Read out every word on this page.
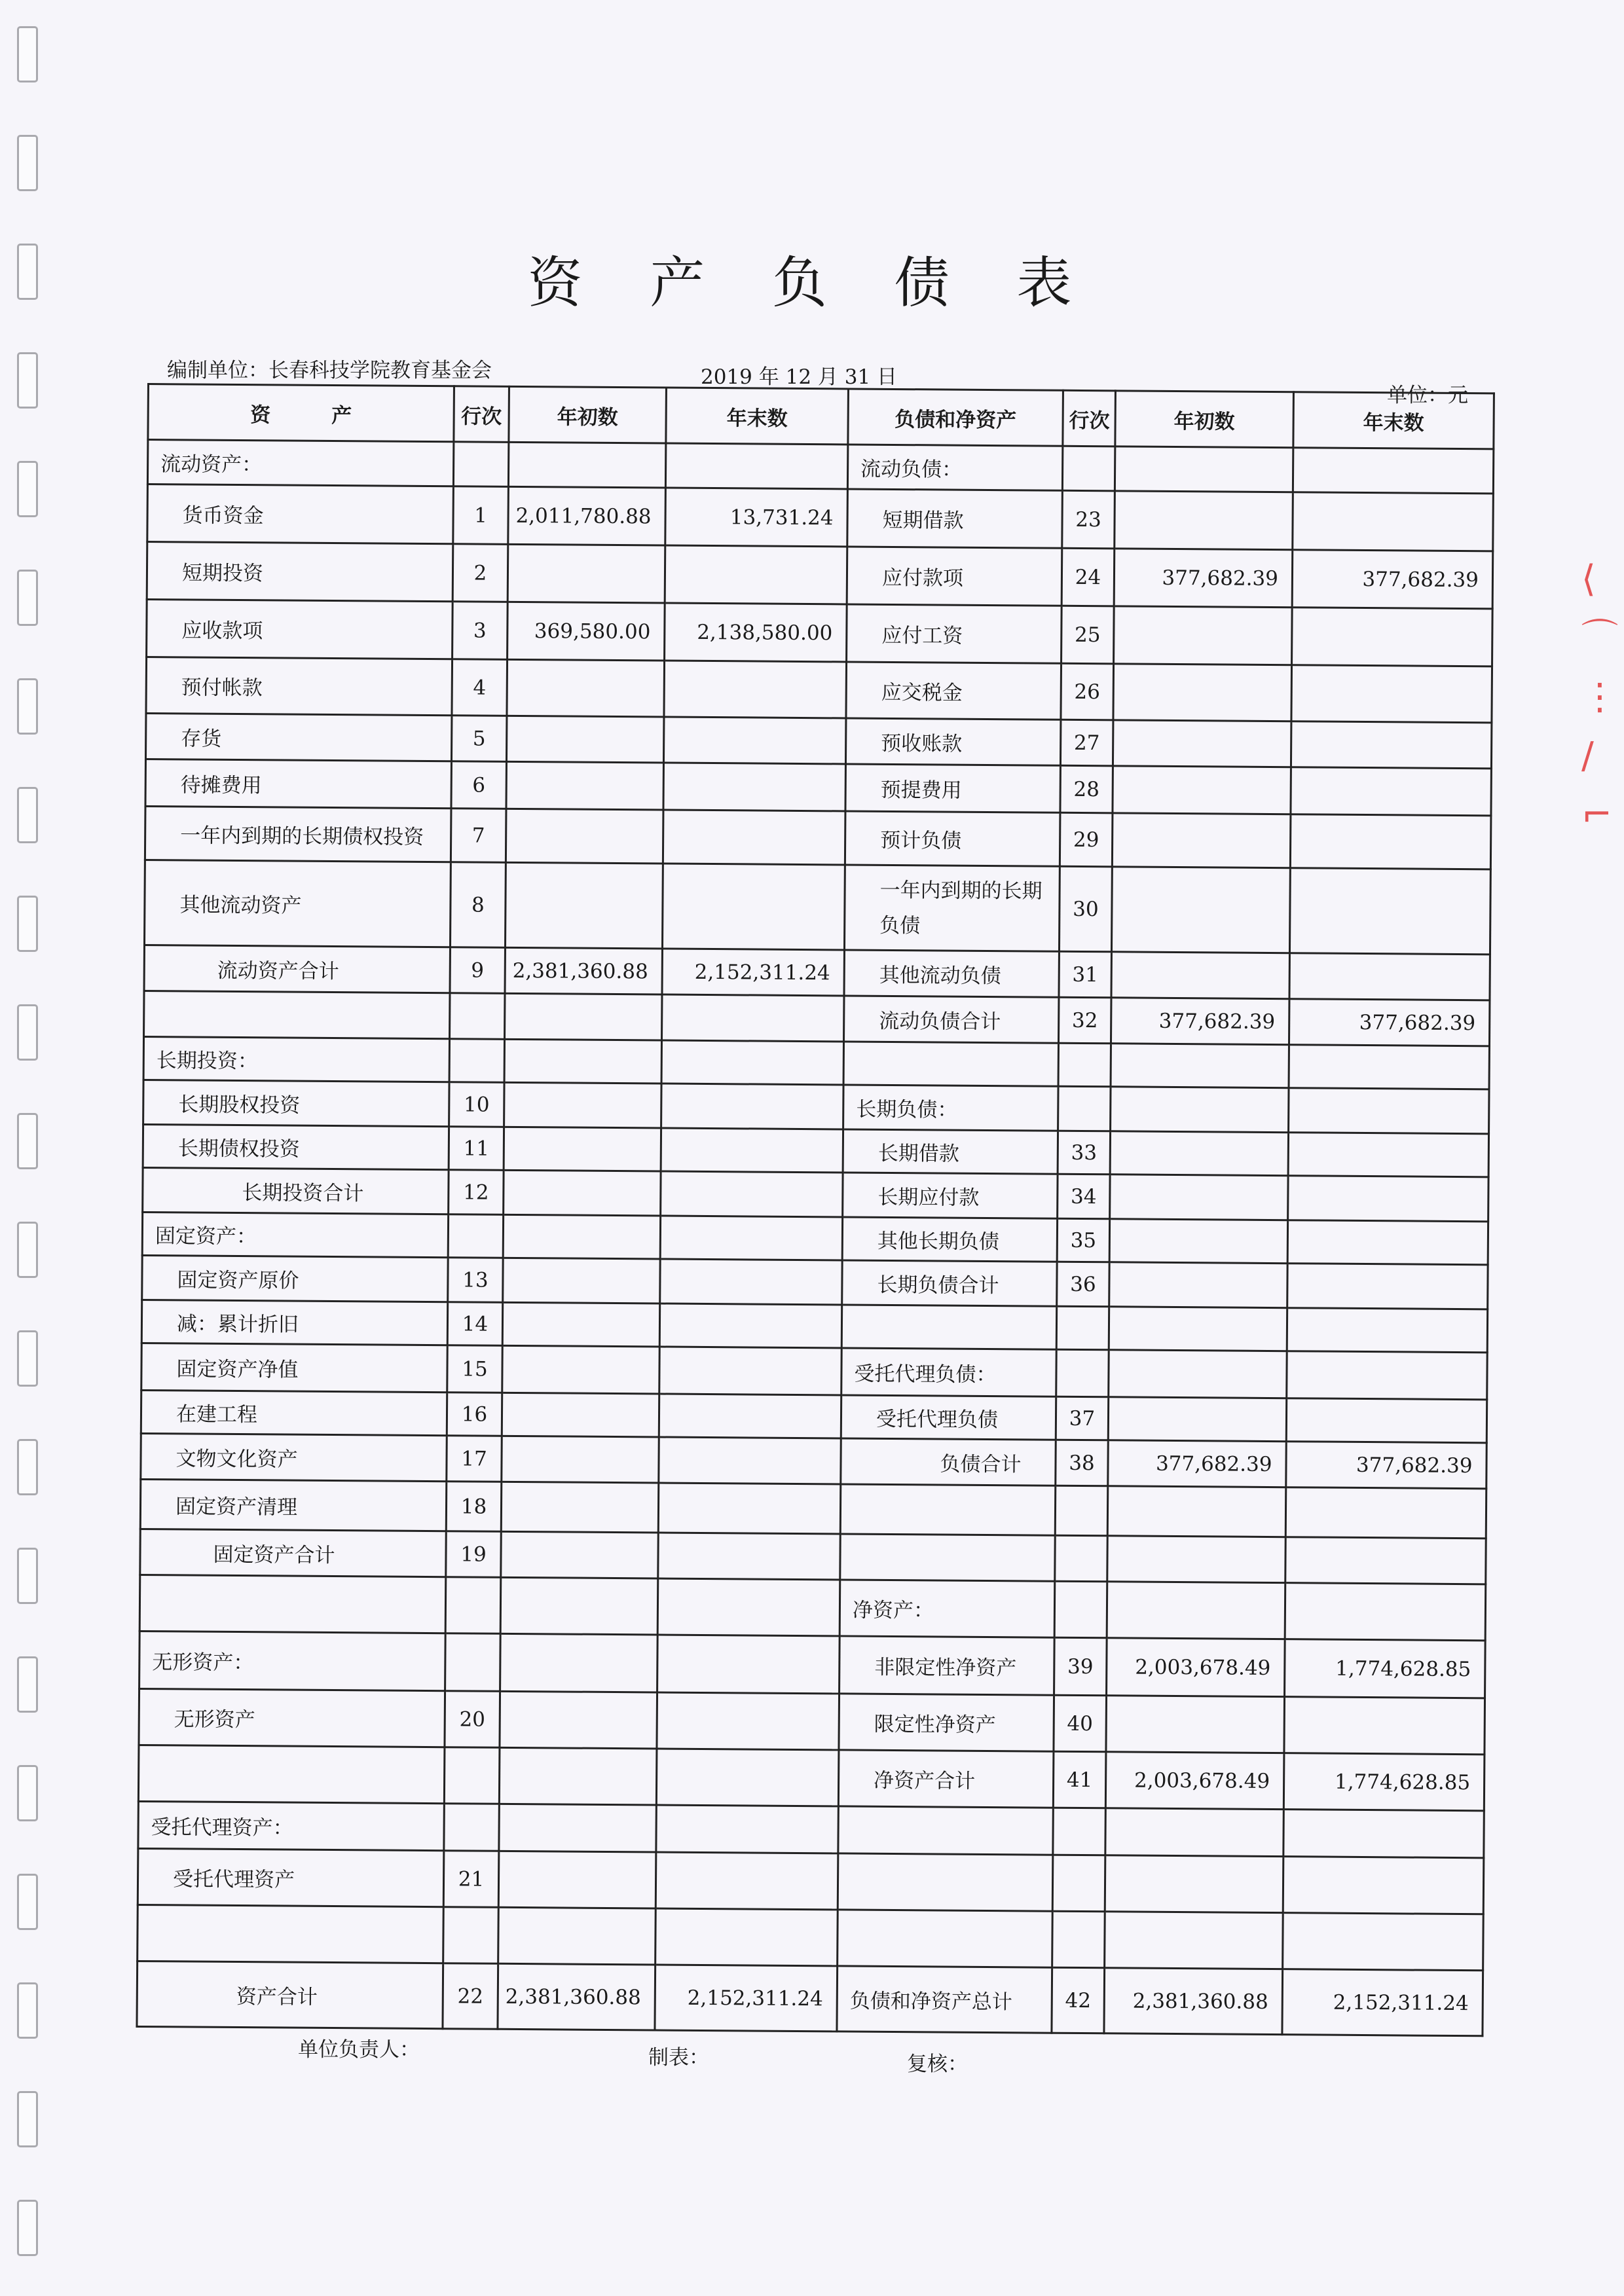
资 产 负 债 表
编制单位：长春科技学院教育基金会	2019 年 12 月 31 日
单位：元
资　　　产	行次	年初数	年末数	负债和净资产	行次	年初数	年末数
流动资产：				流动负债：			
货币资金	1	2,011,780.88	13,731.24	短期借款	23		
短期投资	2			应付款项	24	377,682.39	377,682.39
应收款项	3	369,580.00	2,138,580.00	应付工资	25		
预付帐款	4			应交税金	26		
存货	5			预收账款	27		
待摊费用	6			预提费用	28		
一年内到期的长期债权投资	7			预计负债	29		
其他流动资产	8			一年内到期的长期负债	30		
流动资产合计	9	2,381,360.88	2,152,311.24	其他流动负债	31		
				流动负债合计	32	377,682.39	377,682.39
长期投资：							
长期股权投资	10			长期负债：			
长期债权投资	11			长期借款	33		
长期投资合计	12			长期应付款	34		
固定资产：				其他长期负债	35		
固定资产原价	13			长期负债合计	36		
减：累计折旧	14						
固定资产净值	15			受托代理负债：			
在建工程	16			受托代理负债	37		
文物文化资产	17			负债合计	38	377,682.39	377,682.39
固定资产清理	18						
固定资产合计	19						
				净资产：			
无形资产：				非限定性净资产	39	2,003,678.49	1,774,628.85
无形资产	20			限定性净资产	40		
				净资产合计	41	2,003,678.49	1,774,628.85
受托代理资产：							
受托代理资产	21						

资产合计	22	2,381,360.88	2,152,311.24	负债和净资产总计	42	2,381,360.88	2,152,311.24
⟨
⌒
⋮
∕
⌐
单位负责人：	制表：	复核：
